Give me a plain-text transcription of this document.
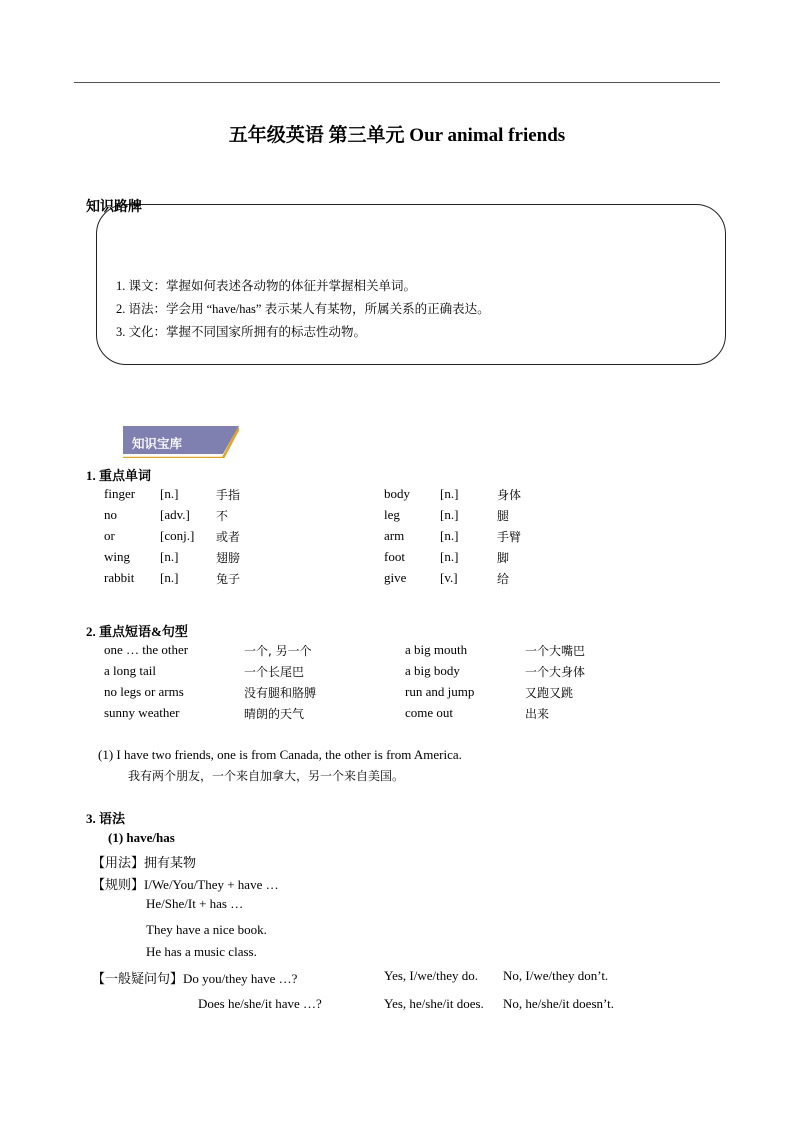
五年级英语 第三单元 Our animal friends
知识路牌
1. 课文：掌握如何表述各动物的体征并掌握相关单词。
2. 语法：学会用 “have/has” 表示某人有某物，所属关系的正确表达。
3. 文化：掌握不同国家所拥有的标志性动物。
知识宝库
1. 重点单词
finger [n.]	手指
no	[adv.] 不
or	[conj.] 或者
wing [n.]	翅膀
rabbit [n.]	兔子
body [n.]	身体
leg	[n.]	腿
arm	[n.]	手臂
foot	[n.]	脚
give	[v.]	给
2. 重点短语&句型
one … the other	一个, 另一个
a long tail	一个长尾巴
no legs or arms	没有腿和胳膊
sunny weather	晴朗的天气
a big mouth	一个大嘴巴
a big body	一个大身体
run and jump	又跑又跳
come out	出来
(1) I have two friends, one is from Canada, the other is from America.
我有两个朋友，一个来自加拿大，另一个来自美国。
3. 语法
(1) have/has
【用法】拥有某物
【规则】I/We/You/They + have …
He/She/It + has …
They have a nice book.
He has a music class.
【一般疑问句】Do you/they have …?	Yes, I/we/they do. No, I/we/they don’t.
Does he/she/it have …?	Yes, he/she/it does. No, he/she/it doesn’t.
